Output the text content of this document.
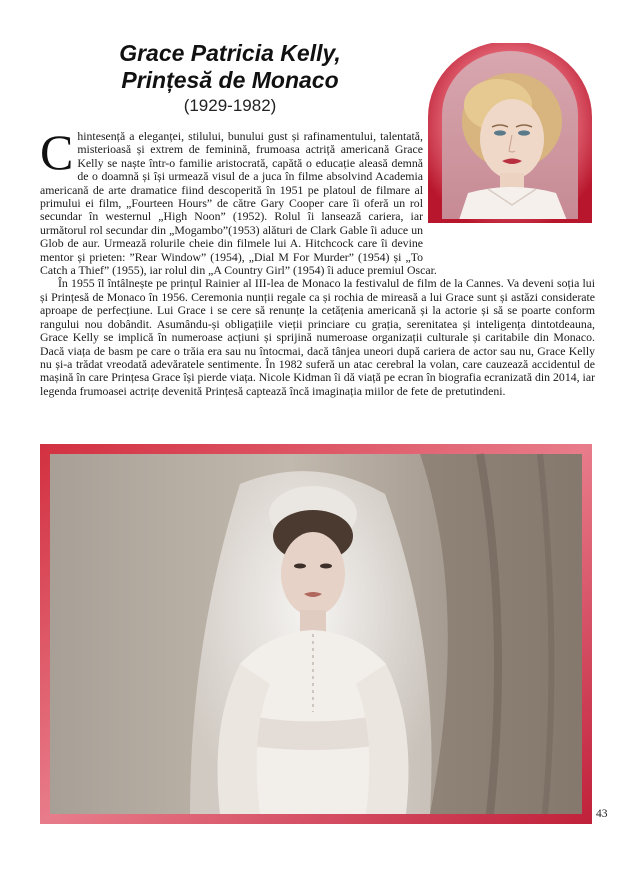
Grace Patricia Kelly,
Prințesă de Monaco
(1929-1982)

Chintesență a eleganței, stilului, bunului gust și rafinamentului, talentată, misterioasă și extrem de feminină, frumoasa actriță americană Grace Kelly se naște într-o familie aristocrată, capătă o educație aleasă demnă de o doamnă și își urmează visul de a juca în filme absolvind Academia americană de arte dramatice fiind descoperită în 1951 pe platoul de filmare al primului ei film, „Fourteen Hours” de către Gary Cooper care îi oferă un rol secundar în westernul „High Noon” (1952). Rolul îi lansează cariera, iar următorul rol secundar din „Mogambo”(1953) alături de Clark Gable îi aduce un Glob de aur. Urmează rolurile cheie din filmele lui A. Hitchcock care îi devine mentor și prieten: ”Rear Window” (1954), „Dial M For Murder” (1954) și „To Catch a Thief” (1955), iar rolul din „A Country Girl” (1954) îi aduce premiul Oscar.

În 1955 îl întâlnește pe prințul Rainier al III-lea de Monaco la festivalul de film de la Cannes. Va deveni soția lui și Prințesă de Monaco în 1956. Ceremonia nunții regale ca și rochia de mireasă a lui Grace sunt și astăzi considerate aproape de perfecțiune. Lui Grace i se cere să renunțe la cetățenia americană și la actorie și să se poarte conform rangului nou dobândit. Asumându-și obligațiile vieții princiare cu grația, serenitatea și inteligența dintotdeauna, Grace Kelly se implică în numeroase acțiuni și sprijină numeroase organizații culturale și caritabile din Monaco. Dacă viața de basm pe care o trăia era sau nu întocmai, dacă tânjea uneori după cariera de actor sau nu, Grace Kelly nu și-a trădat vreodată adevăratele sentimente. În 1982 suferă un atac cerebral la volan, care cauzează accidentul de mașină în care Prințesa Grace își pierde viața. Nicole Kidman îi dă viață pe ecran în biografia ecranizată din 2014, iar legenda frumoasei actrițe devenită Prințesă captează încă imaginația miilor de fete de pretutindeni.

43
